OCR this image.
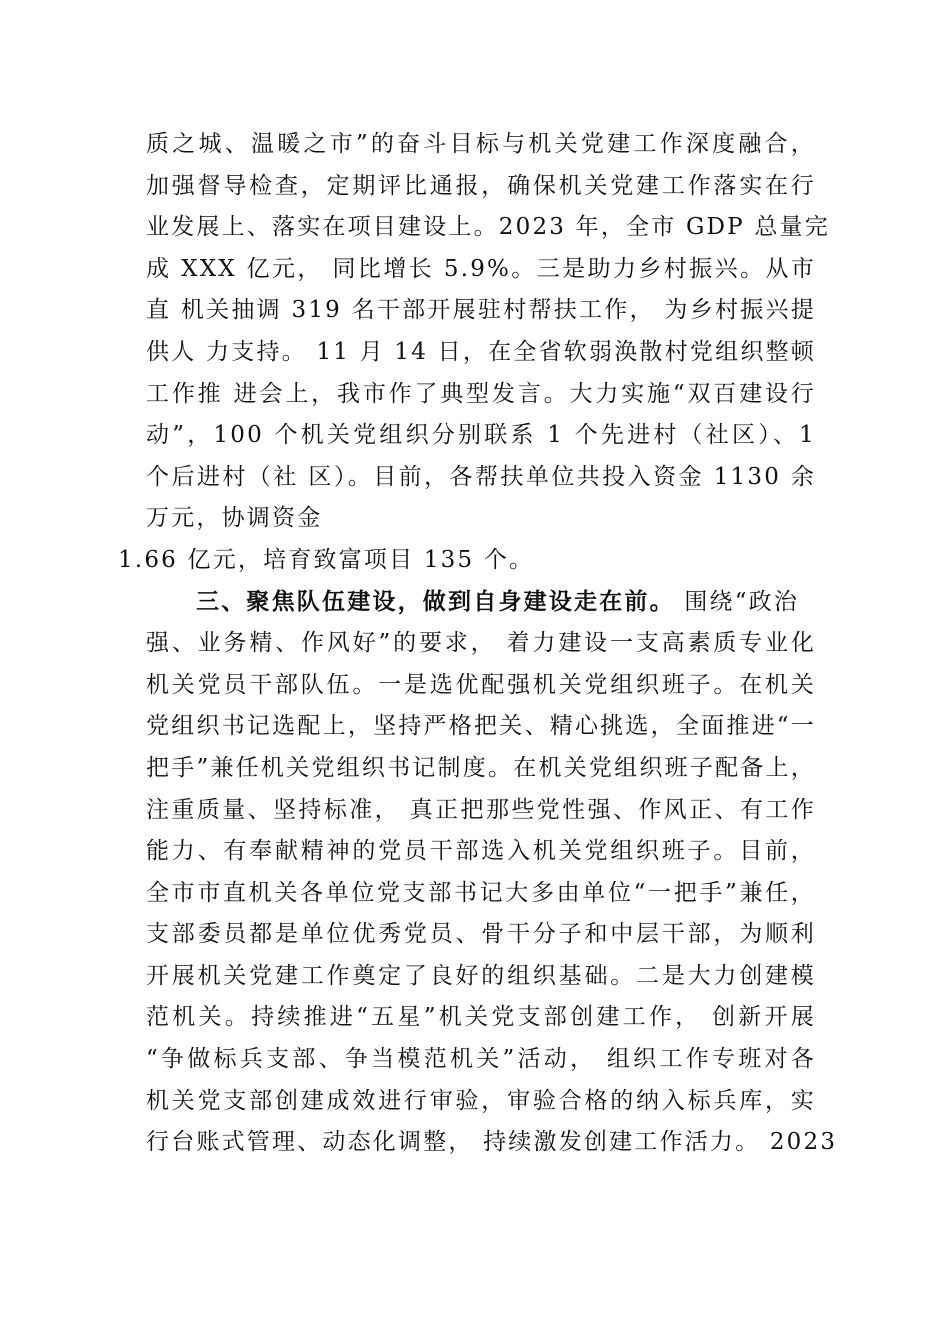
质之城、温暖之市”的奋斗目标与机关党建工作深度融合，
加强督导检查，定期评比通报，确保机关党建工作落实在行
业发展上、落实在项目建设上。2023 年，全市 GDP 总量完
成 XXX 亿元， 同比增长 5.9%。三是助力乡村振兴。从市
直 机关抽调 319 名干部开展驻村帮扶工作， 为乡村振兴提
供人 力支持。 11 月 14 日，在全省软弱涣散村党组织整顿
工作推 进会上，我市作了典型发言。大力实施“双百建设行
动”，100 个机关党组织分别联系 1 个先进村（社区）、1
个后进村（社 区）。目前，各帮扶单位共投入资金 1130 余
万元，协调资金
1.66 亿元，培育致富项目 135 个。
三、聚焦队伍建设，做到自身建设走在前。 围绕“政治
强、业务精、作风好”的要求， 着力建设一支高素质专业化
机关党员干部队伍。一是选优配强机关党组织班子。在机关
党组织书记选配上，坚持严格把关、精心挑选，全面推进“一
把手”兼任机关党组织书记制度。在机关党组织班子配备上，
注重质量、坚持标准， 真正把那些党性强、作风正、有工作
能力、有奉献精神的党员干部选入机关党组织班子。目前，
全市市直机关各单位党支部书记大多由单位“一把手”兼任，
支部委员都是单位优秀党员、骨干分子和中层干部，为顺利
开展机关党建工作奠定了良好的组织基础。二是大力创建模
范机关。持续推进“五星”机关党支部创建工作， 创新开展
“争做标兵支部、争当模范机关”活动， 组织工作专班对各
机关党支部创建成效进行审验，审验合格的纳入标兵库，实
行台账式管理、动态化调整， 持续激发创建工作活力。 2023
